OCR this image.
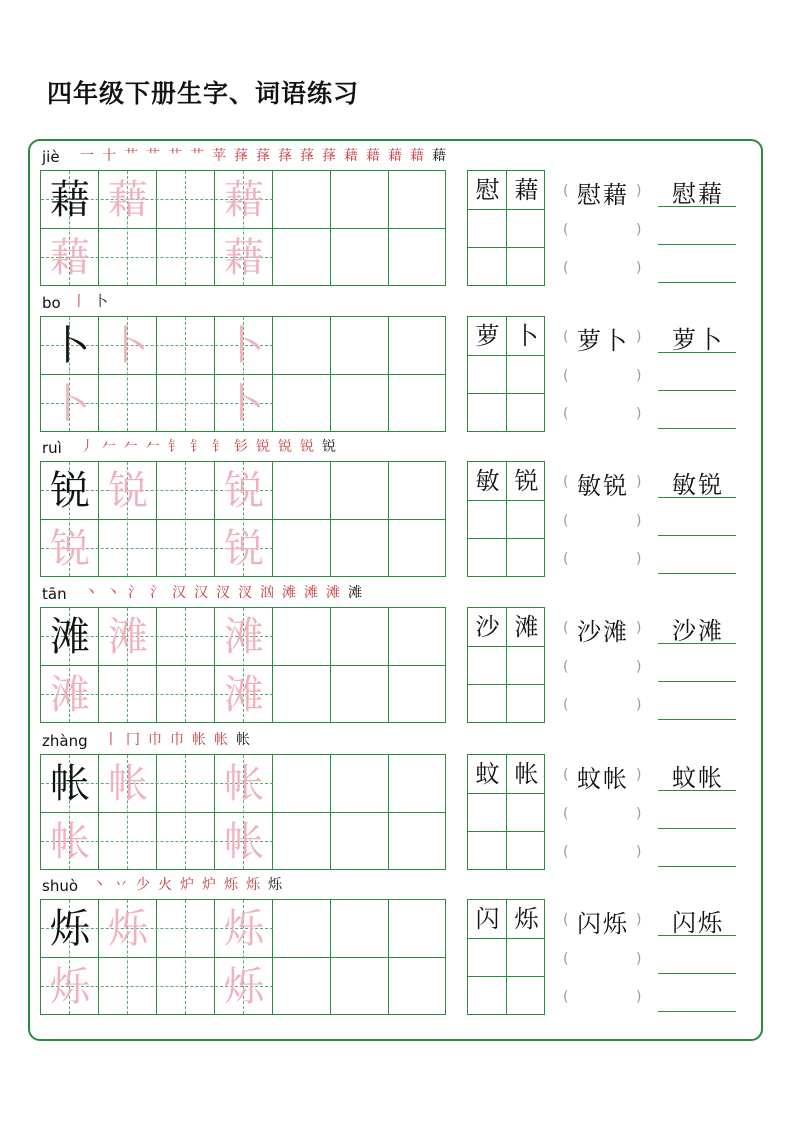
四年级下册生字、词语练习
jiè 一 十 艹 艹 艹 艹 苹 萚 萚 萚 萚 萚 藉 藉 藉 藉 藉
藉 藉 藉
藉	藉
慰 藉	慰藉
(	)
(	)
(	)
慰藉
bo 丨 卜
卜 卜 卜
卜	卜
萝 卜	萝卜
(	)
(	)
(	)
萝卜
ruì 丿 𠂉 𠂉 𠂉 钅 钅 钅 钐 锐 锐 锐 锐
锐 锐 锐
锐	锐
敏 锐	敏锐
(	)
(	)
(	)
敏锐
tān 丶 丶 氵 氵 汉 汉 汊 汊 汹 滩 滩 滩 滩
滩 滩 滩
滩	滩
沙 滩	沙滩
(	)
(	)
(	)
沙滩
zhàng 丨 冂 巾 巾 帐 帐 帐
帐 帐 帐
帐	帐
蚊 帐	蚊帐
(	)
(	)
(	)
蚊帐
shuò 丶 丷 少 火 炉 炉 烁 烁 烁
烁 烁 烁
烁	烁
闪 烁	闪烁
(	)
(	)
(	)
闪烁
